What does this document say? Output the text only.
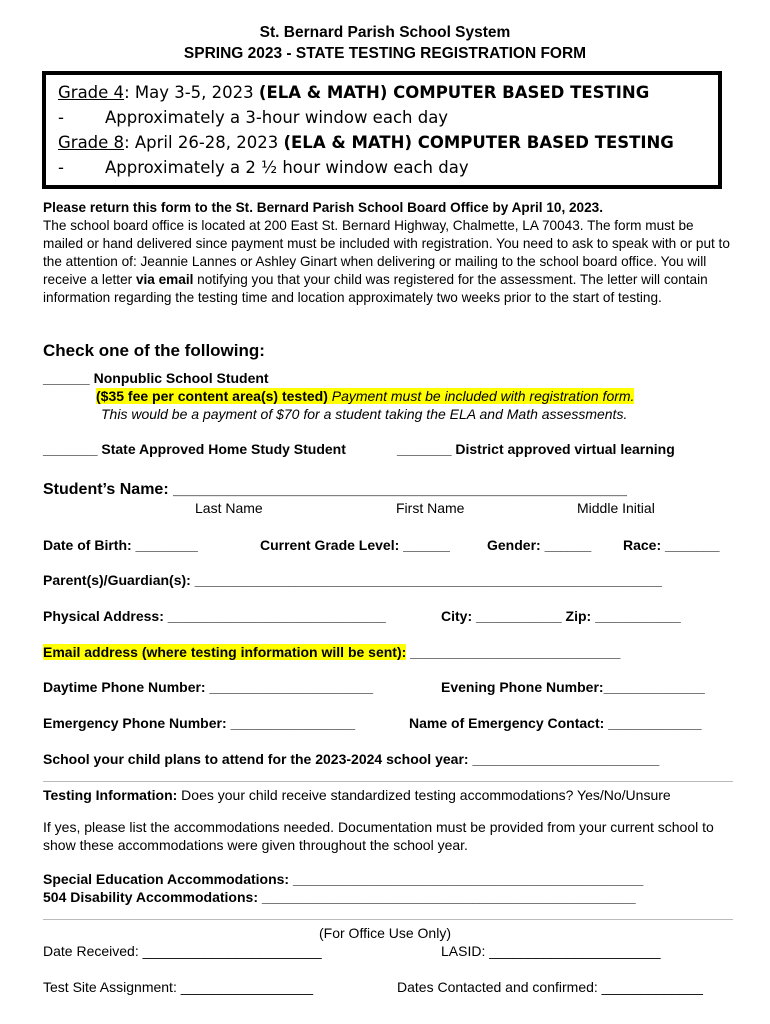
St. Bernard Parish School System
SPRING 2023 - STATE TESTING REGISTRATION FORM
Grade 4: May 3-5, 2023 (ELA & MATH) COMPUTER BASED TESTING
- Approximately a 3-hour window each day
Grade 8: April 26-28, 2023 (ELA & MATH) COMPUTER BASED TESTING
- Approximately a 2 ½ hour window each day
Please return this form to the St. Bernard Parish School Board Office by April 10, 2023.
The school board office is located at 200 East St. Bernard Highway, Chalmette, LA 70043. The form must be mailed or hand delivered since payment must be included with registration. You need to ask to speak with or put to the attention of: Jeannie Lannes or Ashley Ginart when delivering or mailing to the school board office. You will receive a letter via email notifying you that your child was registered for the assessment. The letter will contain information regarding the testing time and location approximately two weeks prior to the start of testing.
Check one of the following:
______ Nonpublic School Student
($35 fee per content area(s) tested) Payment must be included with registration form.
This would be a payment of $70 for a student taking the ELA and Math assessments.
_______ State Approved Home Study Student	_______ District approved virtual learning
Student’s Name: ___________________________________________________
Last Name	First Name	Middle Initial
Date of Birth: ________	Current Grade Level: ______	Gender: ______ Race: _______
Parent(s)/Guardian(s): ____________________________________________________________
Physical Address: ____________________________	City: ___________ Zip: ___________
Email address (where testing information will be sent): ___________________________
Daytime Phone Number: _____________________	Evening Phone Number:_____________
Emergency Phone Number: ________________	Name of Emergency Contact: ____________
School your child plans to attend for the 2023-2024 school year: ________________________
Testing Information: Does your child receive standardized testing accommodations? Yes/No/Unsure
If yes, please list the accommodations needed. Documentation must be provided from your current school to show these accommodations were given throughout the school year.
Special Education Accommodations: _____________________________________________
504 Disability Accommodations: ________________________________________________
(For Office Use Only)
Date Received: _______________________	LASID: ______________________
Test Site Assignment: _________________	Dates Contacted and confirmed: _____________
